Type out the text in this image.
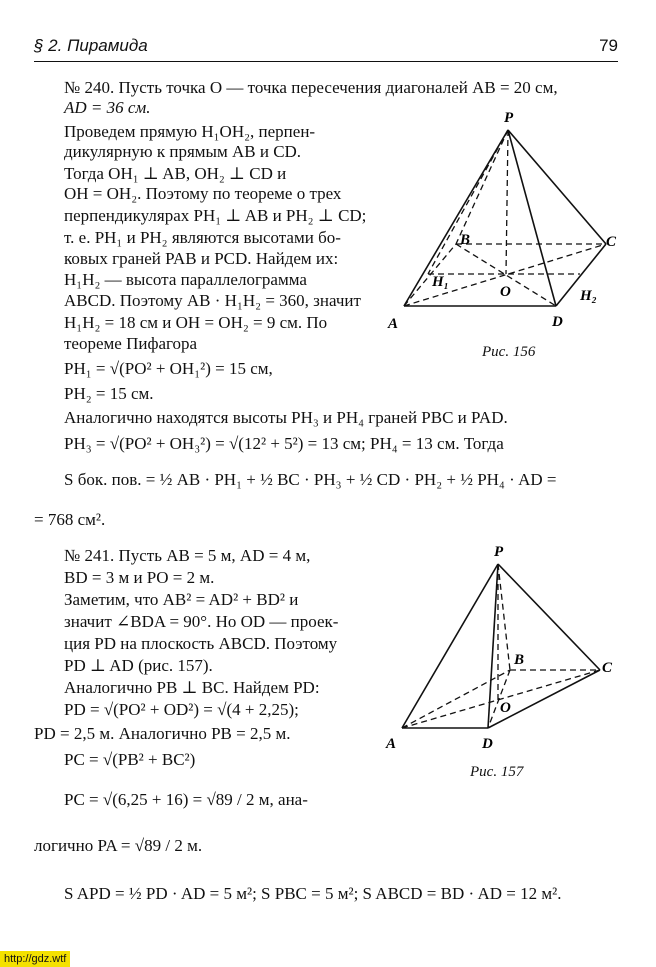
§ 2. Пирамида	79
№ 240. Пусть точка O — точка пересечения диагоналей AB = 20 см,
AD = 36 см.
Проведем прямую H₁OH₂, перпен-
дикулярную к прямым AB и CD.
Тогда OH₁ ⊥ AB, OH₂ ⊥ CD и
OH = OH₂. Поэтому по теореме о трех
перпендикулярах PH₁ ⊥ AB и PH₂ ⊥ CD;
т. е. PH₁ и PH₂ являются высотами бо-
ковых граней PAB и PCD. Найдем их:
H₁H₂ — высота параллелограмма
ABCD. Поэтому AB · H₁H₂ = 360, значит
H₁H₂ = 18 см и OH = OH₂ = 9 см. По
теореме Пифагора
PH₁ = √(PO² + OH₁²) = 15 см,
PH₂ = 15 см.
Аналогично находятся высоты PH₃ и PH₄ граней PBC и PAD.
PH₃ = √(PO² + OH₃²) = √(12² + 5²) = 13 см; PH₄ = 13 см. Тогда
S бок. пов. = ½ AB · PH₁ + ½ BC · PH₃ + ½ CD · PH₂ + ½ PH₄ · AD =
= 768 см².
P
A
B	C
D
O
H₁
H₂
Рис. 156
№ 241. Пусть AB = 5 м, AD = 4 м,
BD = 3 м и PO = 2 м.
Заметим, что AB² = AD² + BD² и
значит ∠BDA = 90°. Но OD — проек-
ция PD на плоскость ABCD. Поэтому
PD ⊥ AD (рис. 157).
Аналогично PB ⊥ BC. Найдем PD:
PD = √(PO² + OD²) = √(4 + 2,25);
PD = 2,5 м. Аналогично PB = 2,5 м.
PC = √(PB² + BC²)
PC = √(6,25 + 16) = √89 / 2 м, ана-
логично PA = √89 / 2 м.
S APD = ½ PD · AD = 5 м²; S PBC = 5 м²; S ABCD = BD · AD = 12 м².
P
A
B	C
D
O
Рис. 157
http://gdz.wtf
